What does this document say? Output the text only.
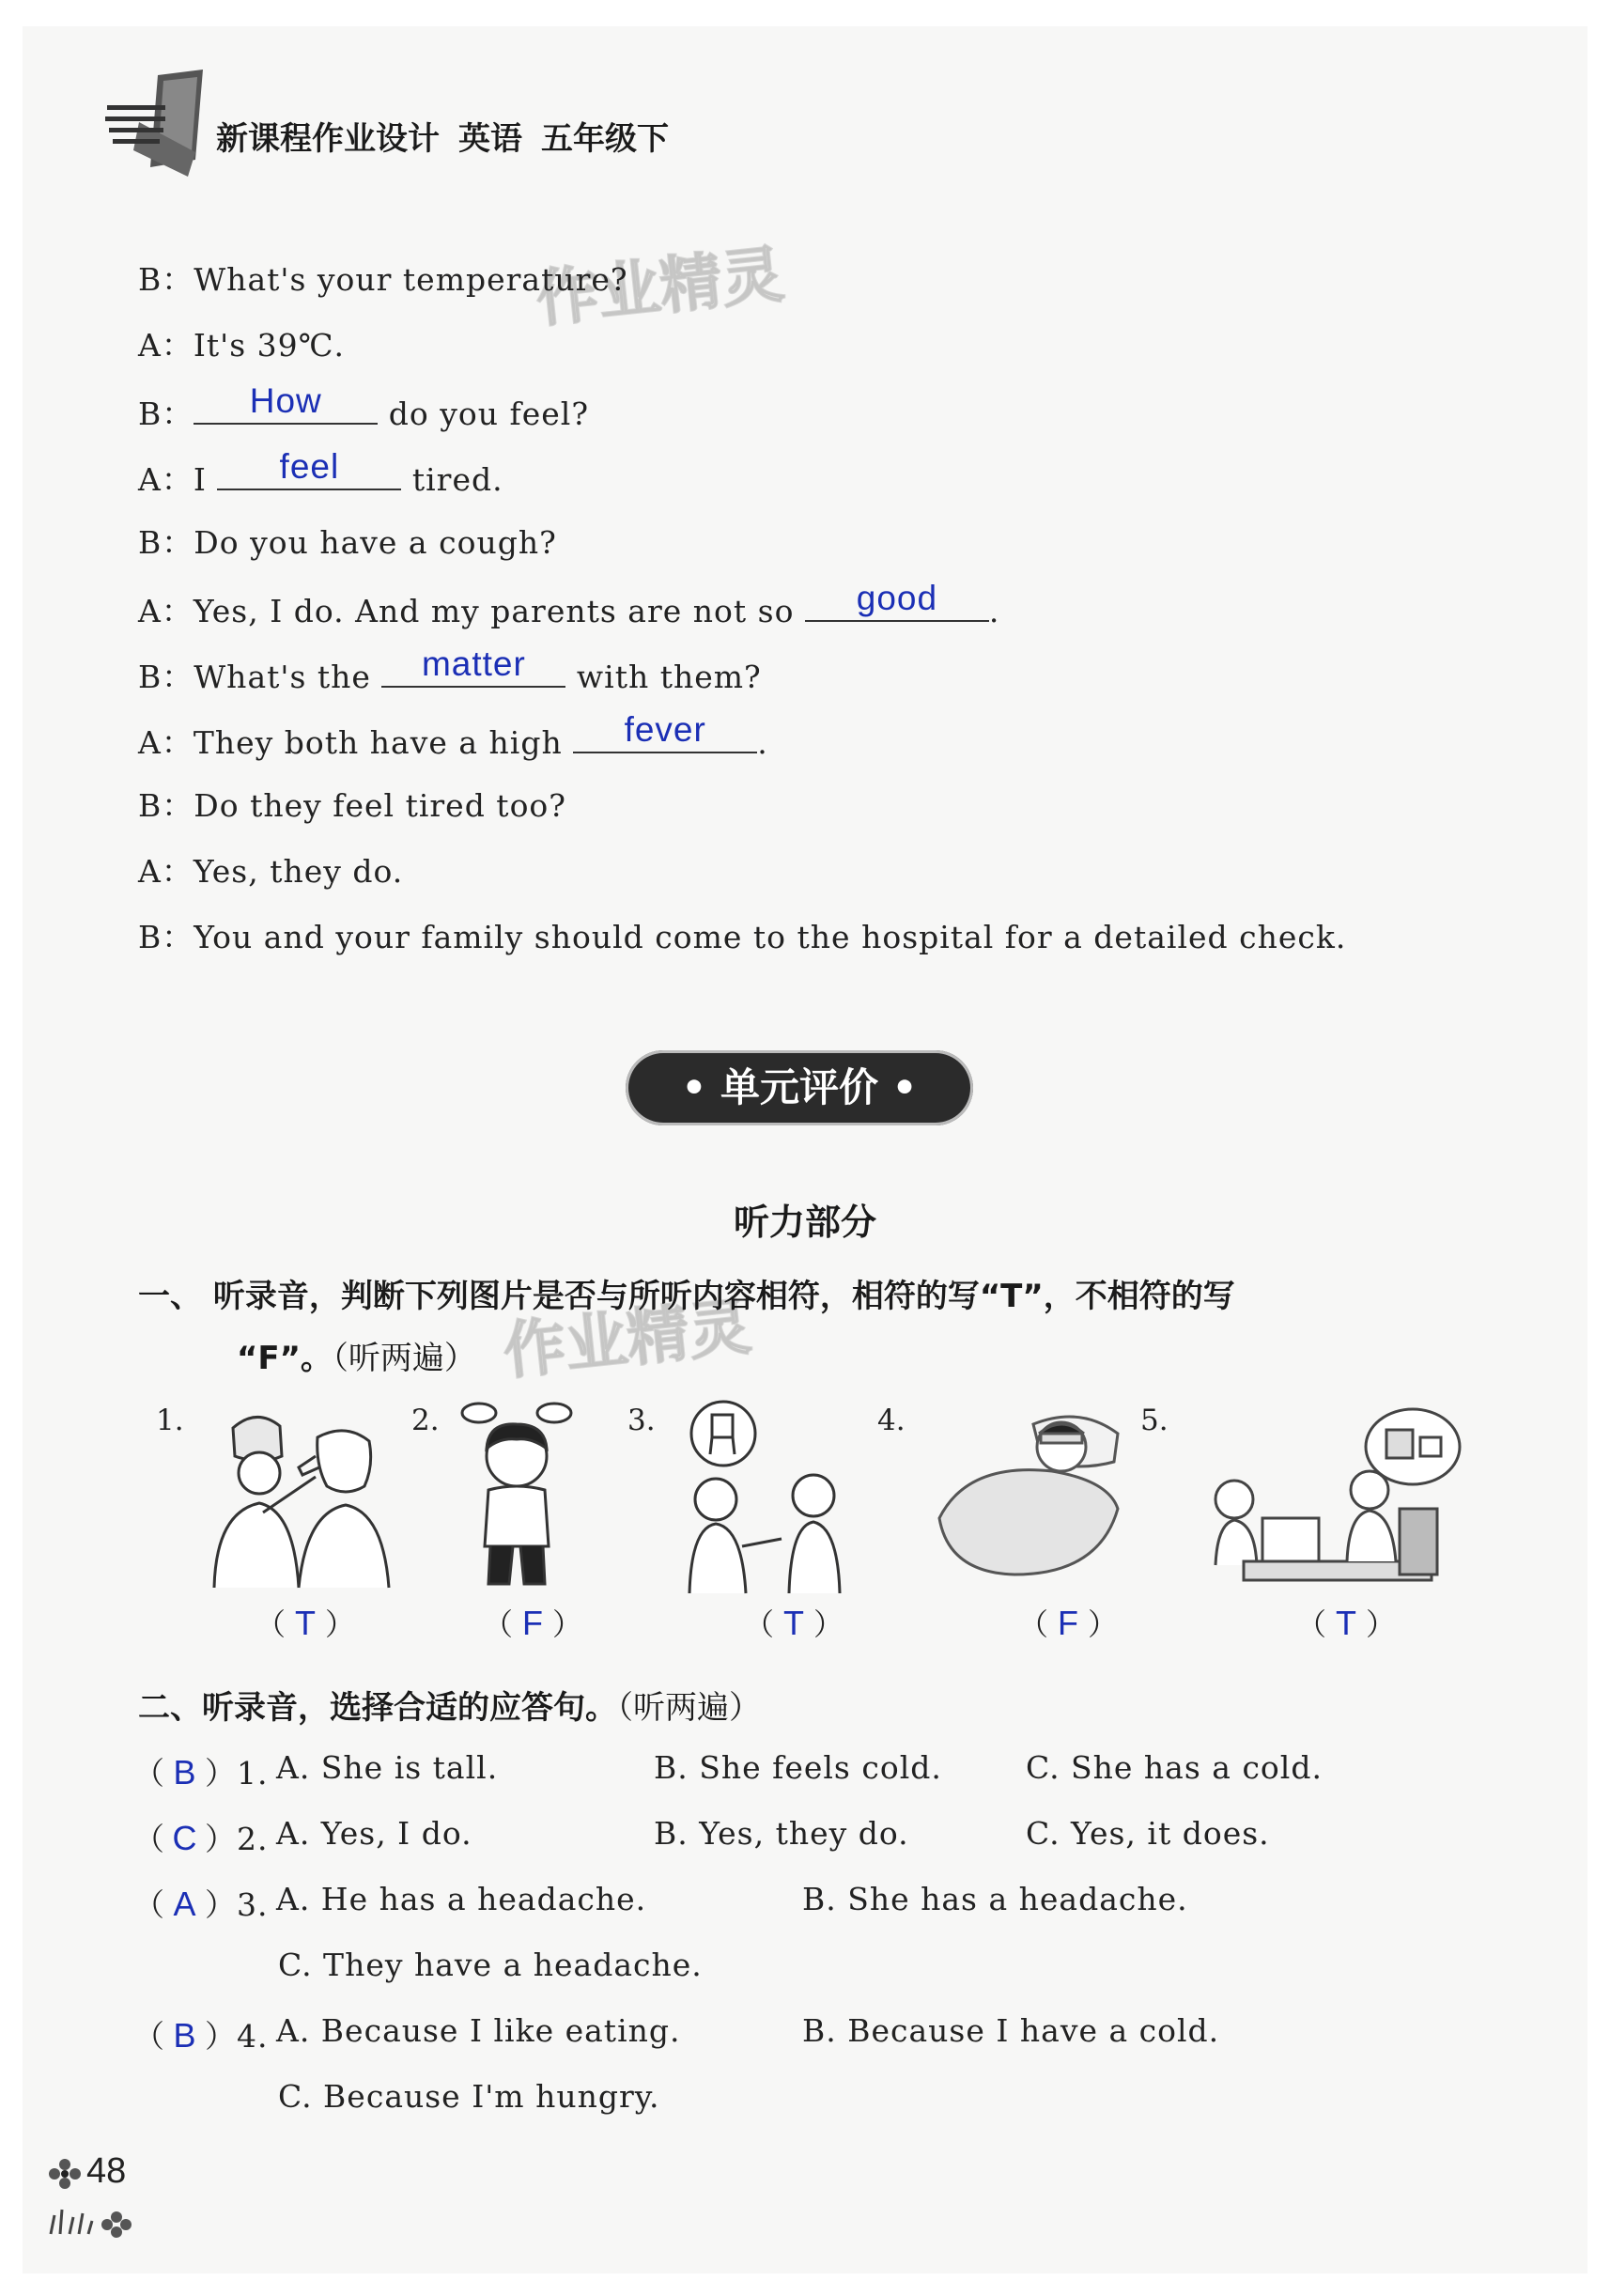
新课程作业设计 英语 五年级下
作业精灵
作业精灵
B：What's your temperature?
A：It's 39℃.
B：	How	do you feel?
A：I	feel	tired.
B：Do you have a cough?
A：Yes, I do. And my parents are not so	good	.
B：What's the	matter	with them?
A：They both have a high	fever	.
B：Do they feel tired too?
A：Yes, they do.
B：You and your family should come to the hospital for a detailed check.
• 单元评价 •
听力部分
一、 听录音，判断下列图片是否与所听内容相符，相符的写“T”，不相符的写
“F”。（听两遍）
1.	2.	3.	4.	5.
（ T ）	（ F ）	（ T ）	（ F ）	（ T ）
二、听录音，选择合适的应答句。（听两遍）
（ B ）1. A. She is tall.	B. She feels cold.	C. She has a cold.
（ C ）2. A. Yes, I do.	B. Yes, they do.	C. Yes, it does.
（ A ）3. A. He has a headache.	B. She has a headache.
C. They have a headache.
（ B ）4. A. Because I like eating.	B. Because I have a cold.
C. Because I'm hungry.
48
